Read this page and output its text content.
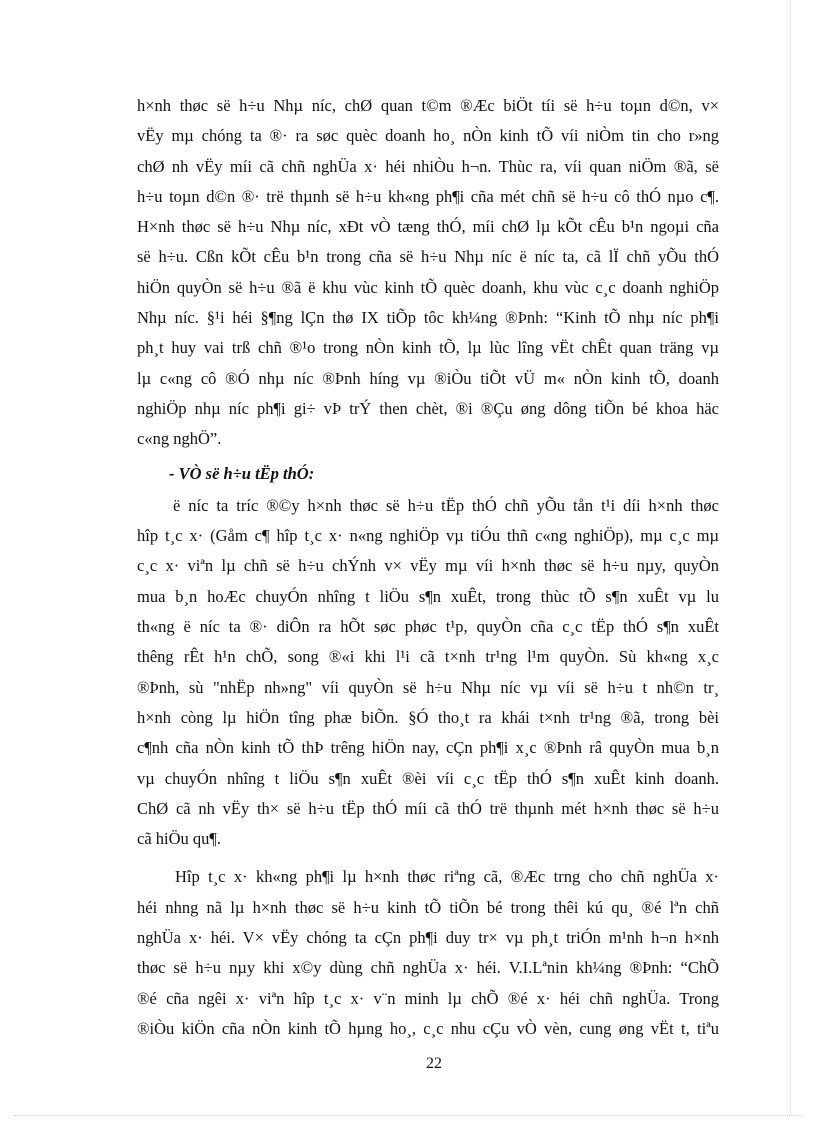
h×nh thøc së h÷u Nhµ níc, chØ quan t©m ®Æc biÖt tíi së h÷u toµn d©n, v×
vËy mµ chóng ta ®· ra søc quèc doanh ho¸ nÒn kinh tÕ víi niÒm tin cho r»ng
chØ nh vËy míi cã chñ nghÜa x· héi nhiÒu h¬n. Thùc ra, víi quan niÖm ®ã, së
h÷u toµn d©n ®· trë thµnh së h÷u kh«ng ph¶i cña mét chñ së h÷u cô thÓ nµo c¶.
H×nh thøc së h÷u Nhµ níc, xÐt vÒ tæng thÓ, míi chØ lµ kÕt cÊu b¹n ngoµi cña
së h÷u. Cßn kÕt cÊu b¹n trong cña së h÷u Nhµ níc ë níc ta, cã lÏ chñ yÕu thÓ
hiÖn quyÒn së h÷u ®ã ë khu vùc kinh tÕ quèc doanh, khu vùc c¸c doanh nghiÖp
Nhµ níc. §¹i héi §¶ng lÇn thø IX tiÕp tôc kh¼ng ®Þnh: “Kinh tÕ nhµ níc ph¶i
ph¸t huy vai trß chñ ®¹o trong nÒn kinh tÕ, lµ lùc lîng vËt chÊt quan träng vµ
lµ c«ng cô ®Ó nhµ níc ®Þnh híng vµ ®iÒu tiÕt vÜ m« nÒn kinh tÕ, doanh
nghiÖp nhµ níc ph¶i gi÷ vÞ trÝ then chèt, ®i ®Çu øng dông tiÕn bé khoa häc
c«ng nghÖ”.
- VÒ së h÷u tËp thÓ:
ë níc ta tríc ®©y h×nh thøc së h÷u tËp thÓ chñ yÕu tån t¹i díi h×nh thøc
hîp t¸c x· (Gåm c¶ hîp t¸c x· n«ng nghiÖp vµ tiÓu thñ c«ng nghiÖp), mµ c¸c mµ
c¸c x· viªn lµ chñ së h÷u chÝnh v× vËy mµ víi h×nh thøc së h÷u nµy, quyÒn
mua b¸n hoÆc chuyÓn nhîng t liÖu s¶n xuÊt, trong thùc tÕ s¶n xuÊt vµ lu
th«ng ë níc ta ®· diÔn ra hÕt søc phøc t¹p, quyÒn cña c¸c tËp thÓ s¶n xuÊt
thêng rÊt h¹n chÕ, song ®«i khi l¹i cã t×nh tr¹ng l¹m quyÒn. Sù kh«ng x¸c
®Þnh, sù "nhËp nh»ng" víi quyÒn së h÷u Nhµ níc vµ víi së h÷u t nh©n tr¸
h×nh còng lµ hiÖn tîng phæ biÕn. §Ó tho¸t ra khái t×nh tr¹ng ®ã, trong bèi
c¶nh cña nÒn kinh tÕ thÞ trêng hiÖn nay, cÇn ph¶i x¸c ®Þnh râ quyÒn mua b¸n
vµ chuyÓn nhîng t liÖu s¶n xuÊt ®èi víi c¸c tËp thÓ s¶n xuÊt kinh doanh.
ChØ cã nh vËy th× së h÷u tËp thÓ míi cã thÓ trë thµnh mét h×nh thøc së h÷u
cã hiÖu qu¶.
Hîp t¸c x· kh«ng ph¶i lµ h×nh thøc riªng cã, ®Æc trng cho chñ nghÜa x·
héi nhng nã lµ h×nh thøc së h÷u kinh tÕ tiÕn bé trong thêi kú qu¸ ®é lªn chñ
nghÜa x· héi. V× vËy chóng ta cÇn ph¶i duy tr× vµ ph¸t triÓn m¹nh h¬n h×nh
thøc së h÷u nµy khi x©y dùng chñ nghÜa x· héi. V.I.Lªnin kh¼ng ®Þnh: “ChÕ
®é cña ngêi x· viªn hîp t¸c x· v¨n minh lµ chÕ ®é x· héi chñ nghÜa. Trong
®iÒu kiÖn cña nÒn kinh tÕ hµng ho¸, c¸c nhu cÇu vÒ vèn, cung øng vËt t, tiªu
22
